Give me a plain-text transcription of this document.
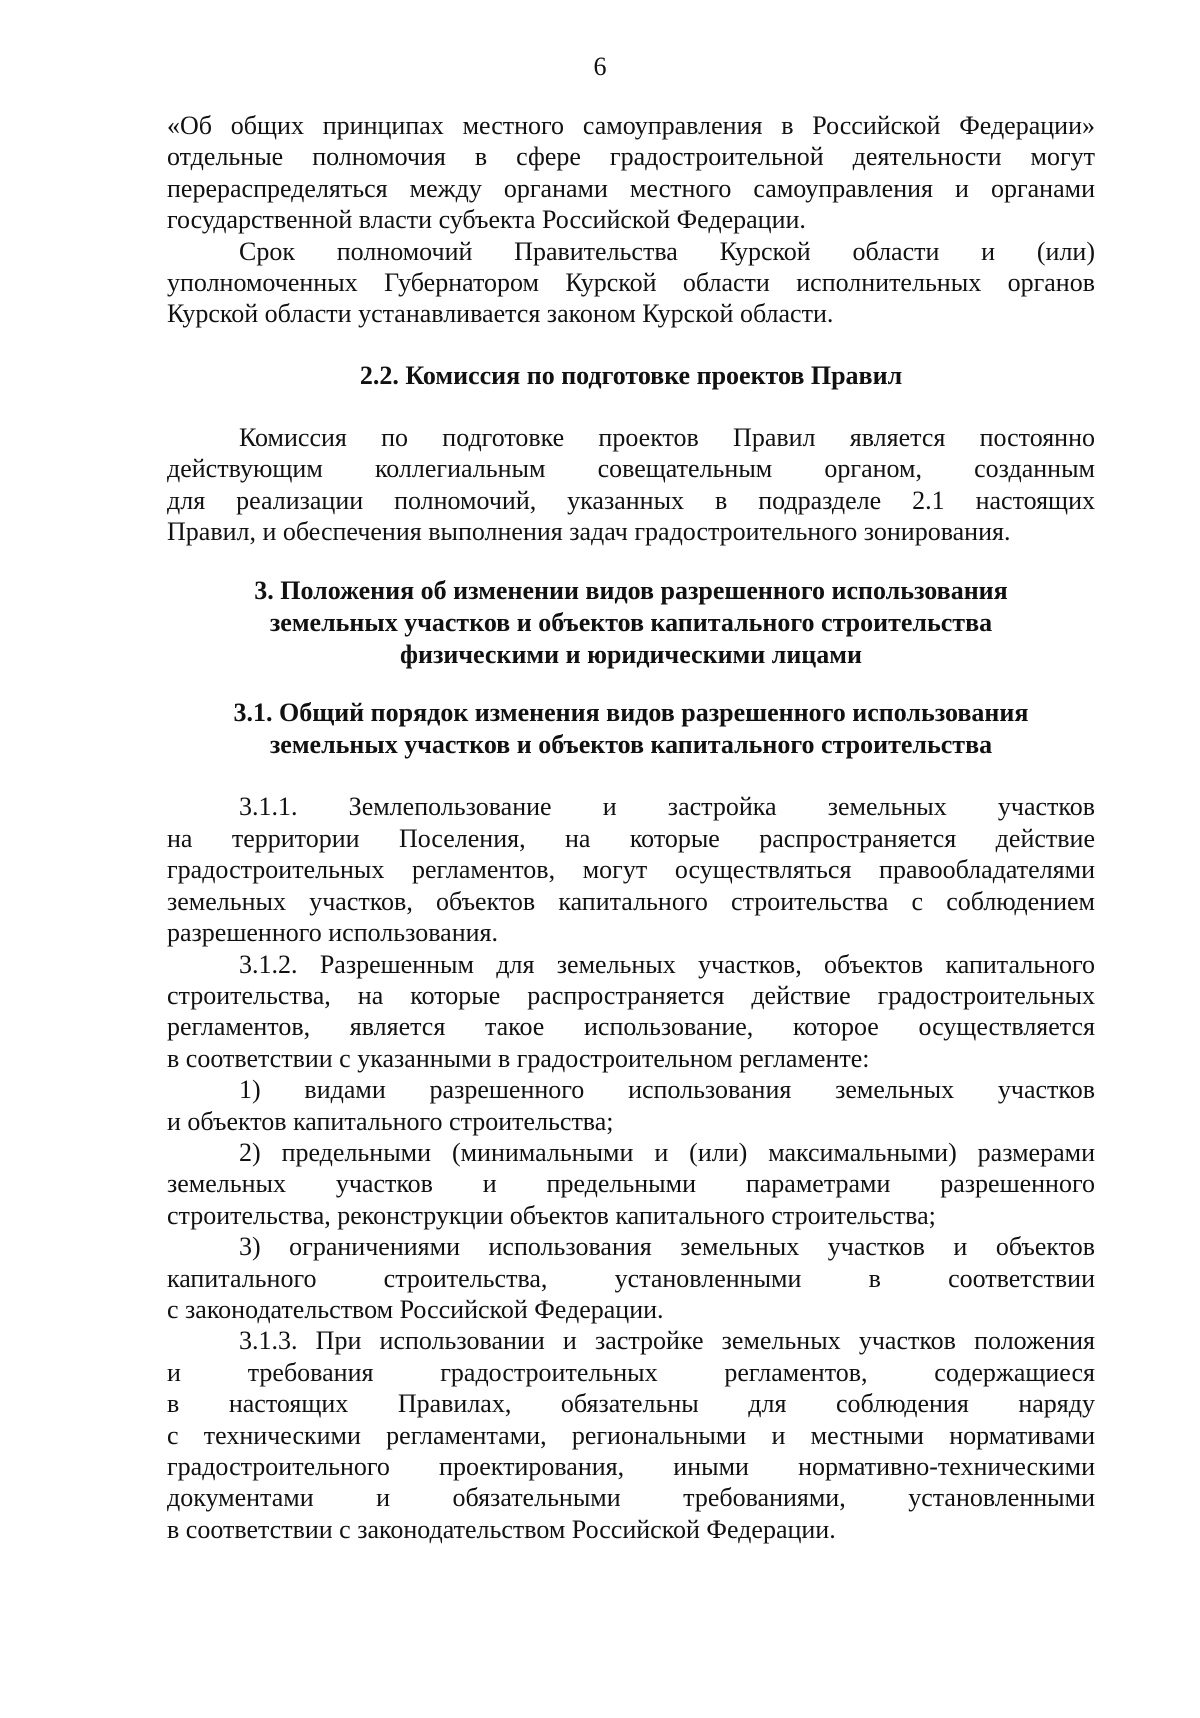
6
«Об общих принципах местного самоуправления в Российской Федерации»
отдельные полномочия в сфере градостроительной деятельности могут
перераспределяться между органами местного самоуправления и органами
государственной власти субъекта Российской Федерации.
Срок полномочий Правительства Курской области и (или)
уполномоченных Губернатором Курской области исполнительных органов
Курской области устанавливается законом Курской области.
2.2. Комиссия по подготовке проектов Правил
Комиссия по подготовке проектов Правил является постоянно
действующим коллегиальным совещательным органом, созданным
для реализации полномочий, указанных в подразделе 2.1 настоящих
Правил, и обеспечения выполнения задач градостроительного зонирования.
3. Положения об изменении видов разрешенного использования
земельных участков и объектов капитального строительства
физическими и юридическими лицами
3.1. Общий порядок изменения видов разрешенного использования
земельных участков и объектов капитального строительства
3.1.1. Землепользование и застройка земельных участков
на территории Поселения, на которые распространяется действие
градостроительных регламентов, могут осуществляться правообладателями
земельных участков, объектов капитального строительства с соблюдением
разрешенного использования.
3.1.2. Разрешенным для земельных участков, объектов капитального
строительства, на которые распространяется действие градостроительных
регламентов, является такое использование, которое осуществляется
в соответствии с указанными в градостроительном регламенте:
1) видами разрешенного использования земельных участков
и объектов капитального строительства;
2) предельными (минимальными и (или) максимальными) размерами
земельных участков и предельными параметрами разрешенного
строительства, реконструкции объектов капитального строительства;
3) ограничениями использования земельных участков и объектов
капитального строительства, установленными в соответствии
с законодательством Российской Федерации.
3.1.3. При использовании и застройке земельных участков положения
и требования градостроительных регламентов, содержащиеся
в настоящих Правилах, обязательны для соблюдения наряду
с техническими регламентами, региональными и местными нормативами
градостроительного проектирования, иными нормативно-техническими
документами и обязательными требованиями, установленными
в соответствии с законодательством Российской Федерации.
